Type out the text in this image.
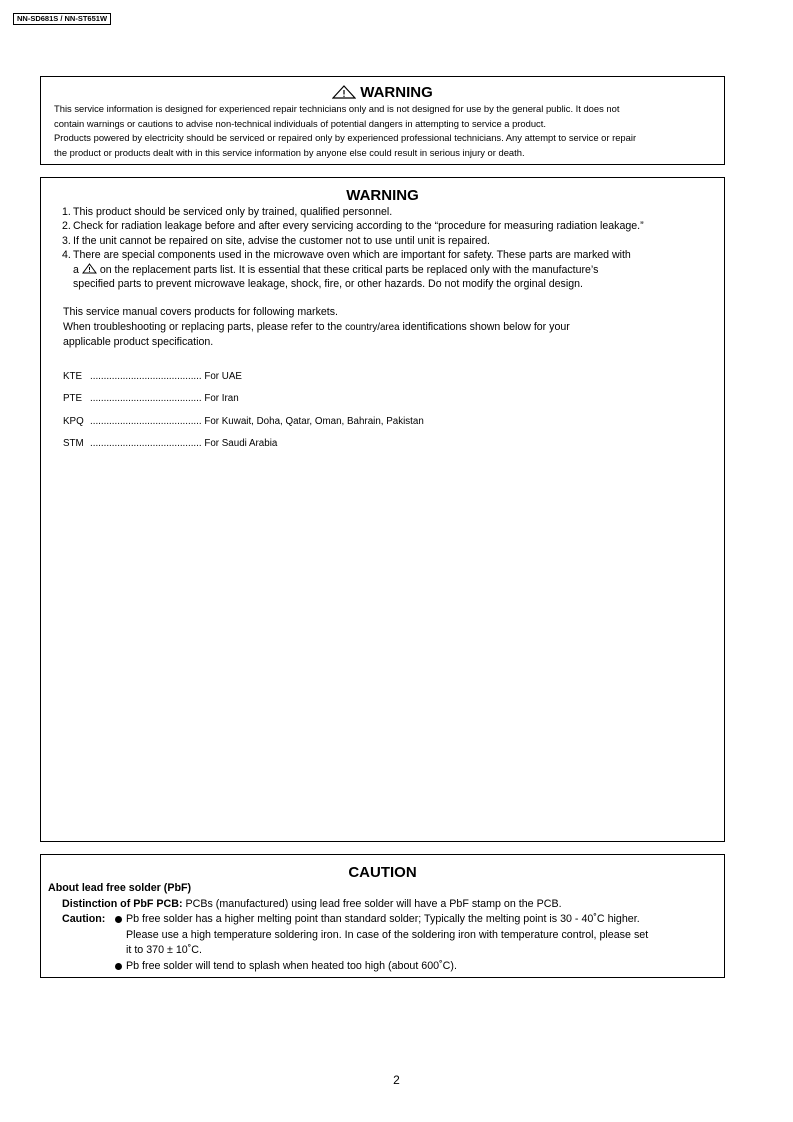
NN-SD681S / NN-ST651W
WARNING

This service information is designed for experienced repair technicians only and is not designed for use by the general public. It does not

contain warnings or cautions to advise non-technical individuals of potential dangers in attempting to service a product.

Products powered by electricity should be serviced or repaired only by experienced professional technicians. Any attempt to service or repair

the product or products dealt with in this service information by anyone else could result in serious injury or death.

WARNING
1. This product should be serviced only by trained, qualified personnel.
2. Check for radiation leakage before and after every servicing according to the “procedure for measuring radiation leakage.”
3. If the unit cannot be repaired on site, advise the customer not to use until unit is repaired.
4. There are special components used in the microwave oven which are important for safety. These parts are marked with
a on the replacement parts list. It is essential that these critical parts be replaced only with the manufacture’s
specified parts to prevent microwave leakage, shock, fire, or other hazards. Do not modify the orginal design.
This service manual covers products for following markets.
When troubleshooting or replacing parts, please refer to the country/area identifications shown below for your
applicable product specification.
KTE ......................................... For UAE
PTE ......................................... For Iran
KPQ ......................................... For Kuwait, Doha, Qatar, Oman, Bahrain, Pakistan
STM ......................................... For Saudi Arabia
CAUTION
About lead free solder (PbF)
Distinction of PbF PCB: PCBs (manufactured) using lead free solder will have a PbF stamp on the PCB.
Caution: Pb free solder has a higher melting point than standard solder; Typically the melting point is 30 - 40˚C higher.
Please use a high temperature soldering iron. In case of the soldering iron with temperature control, please set
it to 370 ± 10˚C.
Pb free solder will tend to splash when heated too high (about 600˚C).
2
